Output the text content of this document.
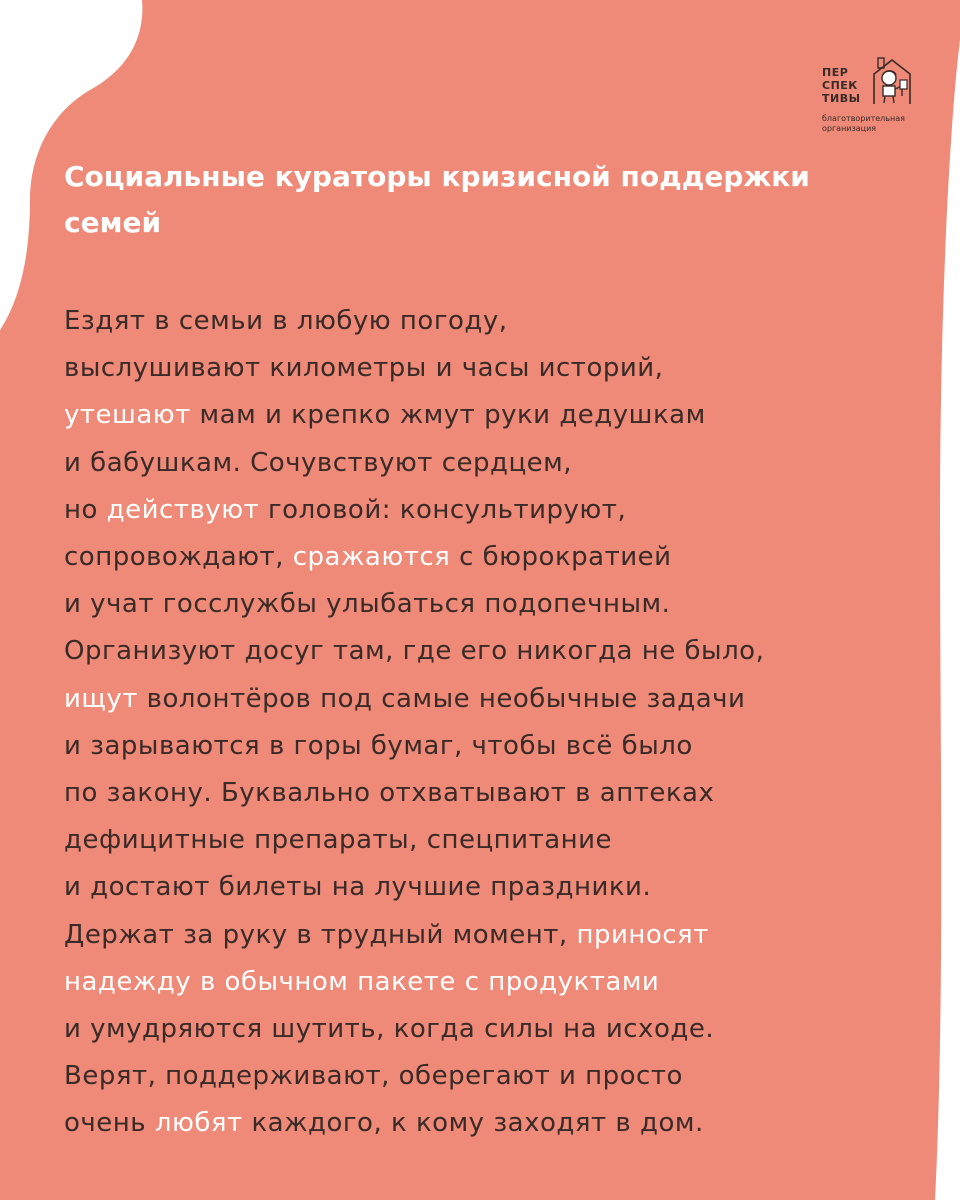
ПЕР
СПЕК
ТИВЫ
благотворительная
организация
Социальные кураторы кризисной поддержки семей
Ездят в семьи в любую погоду,
выслушивают километры и часы историй,
утешают мам и крепко жмут руки дедушкам
и бабушкам. Сочувствуют сердцем,
но действуют головой: консультируют,
сопровождают, сражаются с бюрократией
и учат госслужбы улыбаться подопечным.
Организуют досуг там, где его никогда не было,
ищут волонтёров под самые необычные задачи
и зарываются в горы бумаг, чтобы всё было
по закону. Буквально отхватывают в аптеках
дефицитные препараты, спецпитание
и достают билеты на лучшие праздники.
Держат за руку в трудный момент, приносят
надежду в обычном пакете с продуктами
и умудряются шутить, когда силы на исходе.
Верят, поддерживают, оберегают и просто
очень любят каждого, к кому заходят в дом.
